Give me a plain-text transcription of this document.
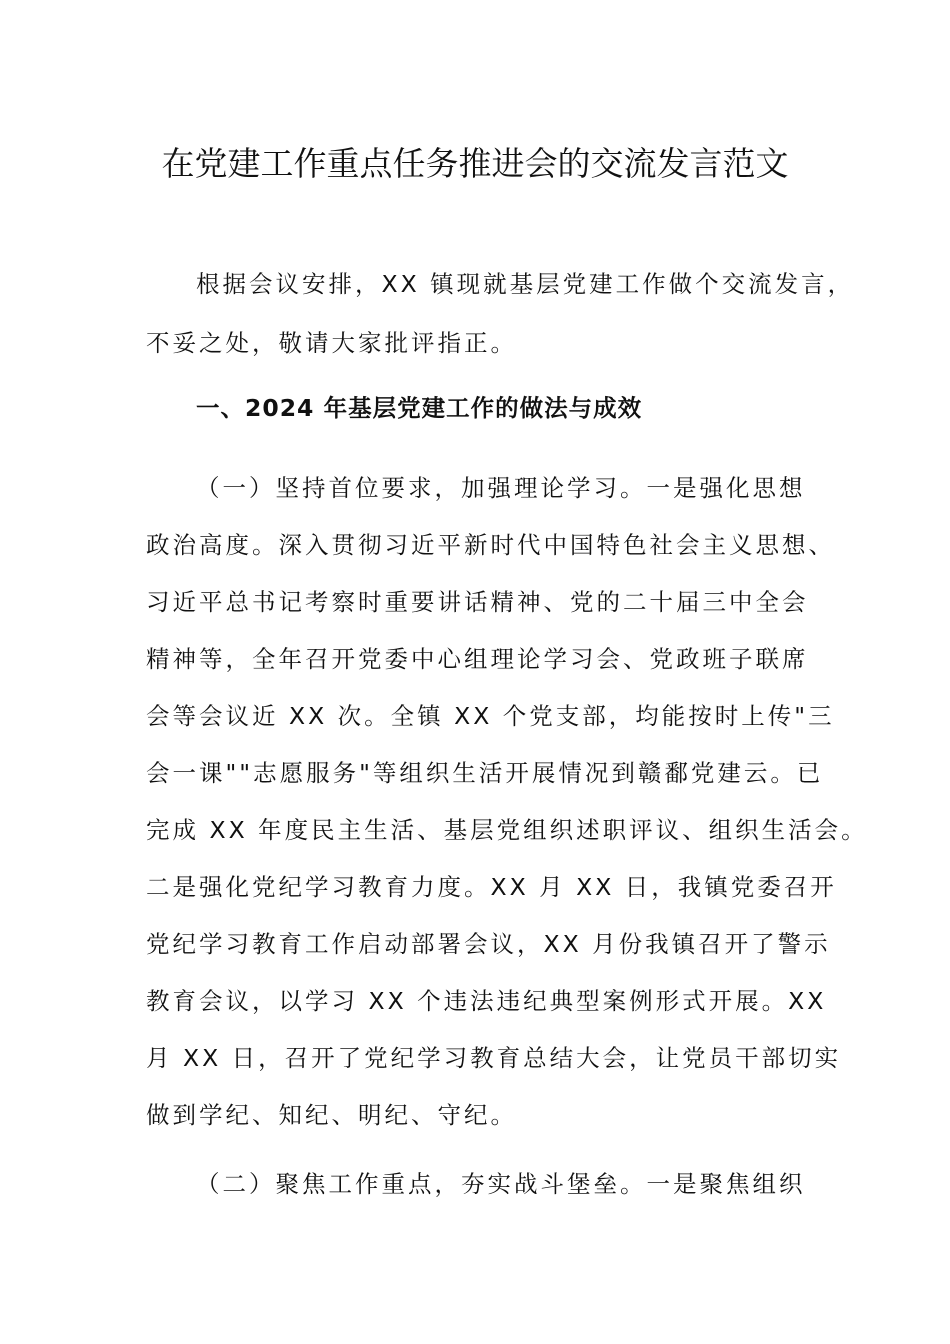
在党建工作重点任务推进会的交流发言范文
根据会议安排，XX 镇现就基层党建工作做个交流发言，
不妥之处，敬请大家批评指正。
一、2024 年基层党建工作的做法与成效
（一）坚持首位要求，加强理论学习。一是强化思想
政治高度。深入贯彻习近平新时代中国特色社会主义思想、
习近平总书记考察时重要讲话精神、党的二十届三中全会
精神等，全年召开党委中心组理论学习会、党政班子联席
会等会议近 XX 次。全镇 XX 个党支部，均能按时上传"三
会一课""志愿服务"等组织生活开展情况到赣鄱党建云。已
完成 XX 年度民主生活、基层党组织述职评议、组织生活会。
二是强化党纪学习教育力度。XX 月 XX 日，我镇党委召开
党纪学习教育工作启动部署会议，XX 月份我镇召开了警示
教育会议，以学习 XX 个违法违纪典型案例形式开展。XX
月 XX 日，召开了党纪学习教育总结大会，让党员干部切实
做到学纪、知纪、明纪、守纪。
（二）聚焦工作重点，夯实战斗堡垒。一是聚焦组织
